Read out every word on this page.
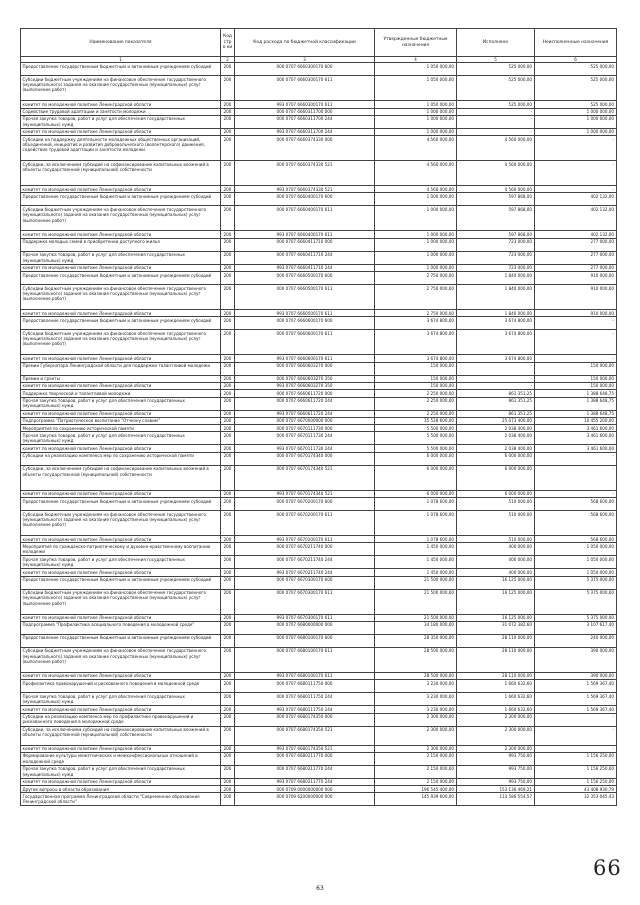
Наименование показателя	Код стро ки	Код расхода по бюджетной классификации	Утвержденные бюджетные назначения	Исполнено	Неисполненные назначения
1	2	3	4	5	6
Предоставление государственным бюджетным и автономным учреждениям субсидий	200	000 0707 6660300170 600	1 050 000,00	525 000,00	525 000,00
Субсидии бюджетным учреждениям на финансовое обеспечение государственного (муниципального) задания на оказание государственных (муниципальных) услуг (выполнение работ)	200	000 0707 6660300170 611	1 050 000,00	525 000,00	525 000,00
комитет по молодежной политике Ленинградской области	200	993 0707 6660300170 611	1 050 000,00	525 000,00	525 000,00
Содействие трудовой адаптации и занятости молодежи	200	000 0707 6660311700 000	1 000 000,00	-	1 000 000,00
Прочая закупка товаров, работ и услуг для обеспечения государственных (муниципальных) нужд	200	000 0707 6660311700 244	1 000 000,00	-	1 000 000,00
комитет по молодежной политике Ленинградской области	200	993 0707 6660311700 244	1 000 000,00	-	1 000 000,00
Субсидии на поддержку деятельности молодежных общественных организаций, объединений, инициатив и развития добровольческого (волонтерского) движения, содействие трудовой адаптации и занятости молодежи	200	000 0707 6660374330 000	4 560 000,00	4 560 000,00	-
Субсидии, за исключением субсидий на софинансирование капитальных вложений в объекты государственной (муниципальной) собственности	200	000 0707 6660374330 521	4 560 000,00	4 560 000,00	-
комитет по молодежной политике Ленинградской области	200	993 0707 6660374330 521	4 560 000,00	4 560 000,00	-
Предоставление государственным бюджетным и автономным учреждениям субсидий	200	000 0707 6660400170 600	1 000 000,00	597 868,00	402 132,00
Субсидии бюджетным учреждениям на финансовое обеспечение государственного (муниципального) задания на оказание государственных (муниципальных) услуг (выполнение работ)	200	000 0707 6660400170 611	1 000 000,00	597 868,00	402 132,00
комитет по молодежной политике Ленинградской области	200	993 0707 6660400170 611	1 000 000,00	597 868,00	402 132,00
Поддержка молодых семей в приобретении доступного жилья	200	000 0707 6660411710 000	1 000 000,00	723 000,00	277 000,00
Прочая закупка товаров, работ и услуг для обеспечения государственных (муниципальных) нужд	200	000 0707 6660411710 244	1 000 000,00	723 000,00	277 000,00
комитет по молодежной политике Ленинградской области	200	993 0707 6660411710 244	1 000 000,00	723 000,00	277 000,00
Предоставление государственным бюджетным и автономным учреждениям субсидий	200	000 0707 6660500170 600	2 750 000,00	1 840 000,00	910 000,00
Субсидии бюджетным учреждениям на финансовое обеспечение государственного (муниципального) задания на оказание государственных (муниципальных) услуг (выполнение работ)	200	000 0707 6660500170 611	2 750 000,00	1 840 000,00	910 000,00
комитет по молодежной политике Ленинградской области	200	993 0707 6660500170 611	2 750 000,00	1 840 000,00	910 000,00
Предоставление государственным бюджетным и автономным учреждениям субсидий	200	000 0707 6660600170 600	3 674 800,00	3 674 800,00	-
Субсидии бюджетным учреждениям на финансовое обеспечение государственного (муниципального) задания на оказание государственных (муниципальных) услуг (выполнение работ)	200	000 0707 6660600170 611	3 674 800,00	3 674 800,00	-
комитет по молодежной политике Ленинградской области	200	993 0707 6660600170 611	3 674 800,00	3 674 800,00	-
Премии Губернатора Ленинградской области для поддержки талантливой молодежи	200	000 0707 6660603270 000	150 000,00	-	150 000,00
Премии и гранты	200	000 0707 6660603270 350	150 000,00	-	150 000,00
комитет по молодежной политике Ленинградской области	200	993 0707 6660603270 350	150 000,00	-	150 000,00
Поддержка творческой и талантливой молодежи	200	000 0707 6660611720 000	2 250 000,00	861 351,25	1 388 648,75
Прочая закупка товаров, работ и услуг для обеспечения государственных (муниципальных) нужд	200	000 0707 6660611720 244	2 250 000,00	861 351,25	1 388 648,75
комитет по молодежной политике Ленинградской области	200	993 0707 6660611720 244	2 250 000,00	861 351,25	1 388 648,75
Подпрограмма "Патриотическое воспитание "Отчизну славим"	200	000 0707 6670000000 000	35 528 600,00	25 073 400,00	10 455 200,00
Мероприятия по сохранению исторической памяти	200	000 0707 6670111730 000	5 500 000,00	2 038 400,00	3 461 600,00
Прочая закупка товаров, работ и услуг для обеспечения государственных (муниципальных) нужд	200	000 0707 6670111730 244	5 500 000,00	2 038 400,00	3 461 600,00
комитет по молодежной политике Ленинградской области	200	993 0707 6670111730 244	5 500 000,00	2 038 400,00	3 461 600,00
Субсидии на реализацию комплекса мер по сохранению исторической памяти	200	000 0707 6670174340 000	6 000 000,00	6 000 000,00	-
Субсидии, за исключением субсидий на софинансирование капитальных вложений в объекты государственной (муниципальной) собственности	200	000 0707 6670174340 521	6 000 000,00	6 000 000,00	-
комитет по молодежной политике Ленинградской области	200	993 0707 6670174340 521	6 000 000,00	6 000 000,00	-
Предоставление государственным бюджетным и автономным учреждениям субсидий	200	000 0707 6670200170 600	1 078 600,00	510 000,00	568 600,00
Субсидии бюджетным учреждениям на финансовое обеспечение государственного (муниципального) задания на оказание государственных (муниципальных) услуг (выполнение работ)	200	000 0707 6670200170 611	1 078 600,00	510 000,00	568 600,00
комитет по молодежной политике Ленинградской области	200	993 0707 6670200170 611	1 078 600,00	510 000,00	568 600,00
Мероприятия по гражданско-патриотическому и духовно-нравственному воспитанию молодежи	200	000 0707 6670211740 000	1 450 000,00	400 000,00	1 050 000,00
Прочая закупка товаров, работ и услуг для обеспечения государственных (муниципальных) нужд	200	000 0707 6670211740 244	1 450 000,00	400 000,00	1 050 000,00
комитет по молодежной политике Ленинградской области	200	993 0707 6670211740 244	1 450 000,00	400 000,00	1 050 000,00
Предоставление государственным бюджетным и автономным учреждениям субсидий	200	000 0707 6670300170 600	21 500 000,00	16 125 000,00	5 375 000,00
Субсидии бюджетным учреждениям на финансовое обеспечение государственного (муниципального) задания на оказание государственных (муниципальных) услуг (выполнение работ)	200	000 0707 6670300170 611	21 500 000,00	16 125 000,00	5 375 000,00
комитет по молодежной политике Ленинградской области	200	993 0707 6670300170 611	21 500 000,00	16 125 000,00	5 375 000,00
Подпрограмма "Профилактика асоциального поведения в молодежной среде"	200	000 0707 6680000000 000	34 180 000,00	31 072 382,60	3 107 617,40
Предоставление государственным бюджетным и автономным учреждениям субсидий	200	000 0707 6680100170 600	28 350 000,00	28 110 000,00	240 000,00
Субсидии бюджетным учреждениям на финансовое обеспечение государственного (муниципального) задания на оказание государственных (муниципальных) услуг (выполнение работ)	200	000 0707 6680100170 611	28 500 000,00	28 110 000,00	390 000,00
комитет по молодежной политике Ленинградской области	200	993 0707 6680100170 611	28 500 000,00	28 110 000,00	390 000,00
Профилактика правонарушений и рискованного поведения в молодежной среде	200	000 0707 6680111750 000	3 230 000,00	1 660 632,60	1 569 367,40
Прочая закупка товаров, работ и услуг для обеспечения государственных (муниципальных) нужд	200	000 0707 6680111750 244	3 230 000,00	1 660 632,60	1 569 367,40
комитет по молодежной политике Ленинградской области	200	993 0707 6680111750 244	3 230 000,00	1 660 632,60	1 569 367,40
Субсидии на реализацию комплекса мер по профилактике правонарушений и рискованного поведения в молодежной среде	200	000 0707 6680174350 000	2 300 000,00	2 300 000,00	-
Субсидии, за исключением субсидий на софинансирование капитальных вложений в объекты государственной (муниципальной) собственности	200	000 0707 6680174350 521	2 300 000,00	2 300 000,00	-
комитет по молодежной политике Ленинградской области	200	993 0707 6680174350 521	2 300 000,00	2 300 000,00	-
Формирование культуры межэтнических и межконфессиональных отношений в молодежной среде	200	000 0707 6680211770 000	2 150 000,00	993 750,00	1 156 250,00
Прочая закупка товаров, работ и услуг для обеспечения государственных (муниципальных) нужд	200	000 0707 6680211770 244	2 150 000,00	993 750,00	1 156 250,00
комитет по молодежной политике Ленинградской области	200	993 0707 6680211770 244	2 150 000,00	993 750,00	1 156 250,00
Другие вопросы в области образования	200	000 0709 0000000000 000	196 545 400,00	153 136 469,21	43 408 930,79
Государственная программа Ленинградской области "Современное образование Ленинградской области"	200	000 0709 6200000000 000	145 939 600,00	113 586 554,57	32 353 045,43
63
66
